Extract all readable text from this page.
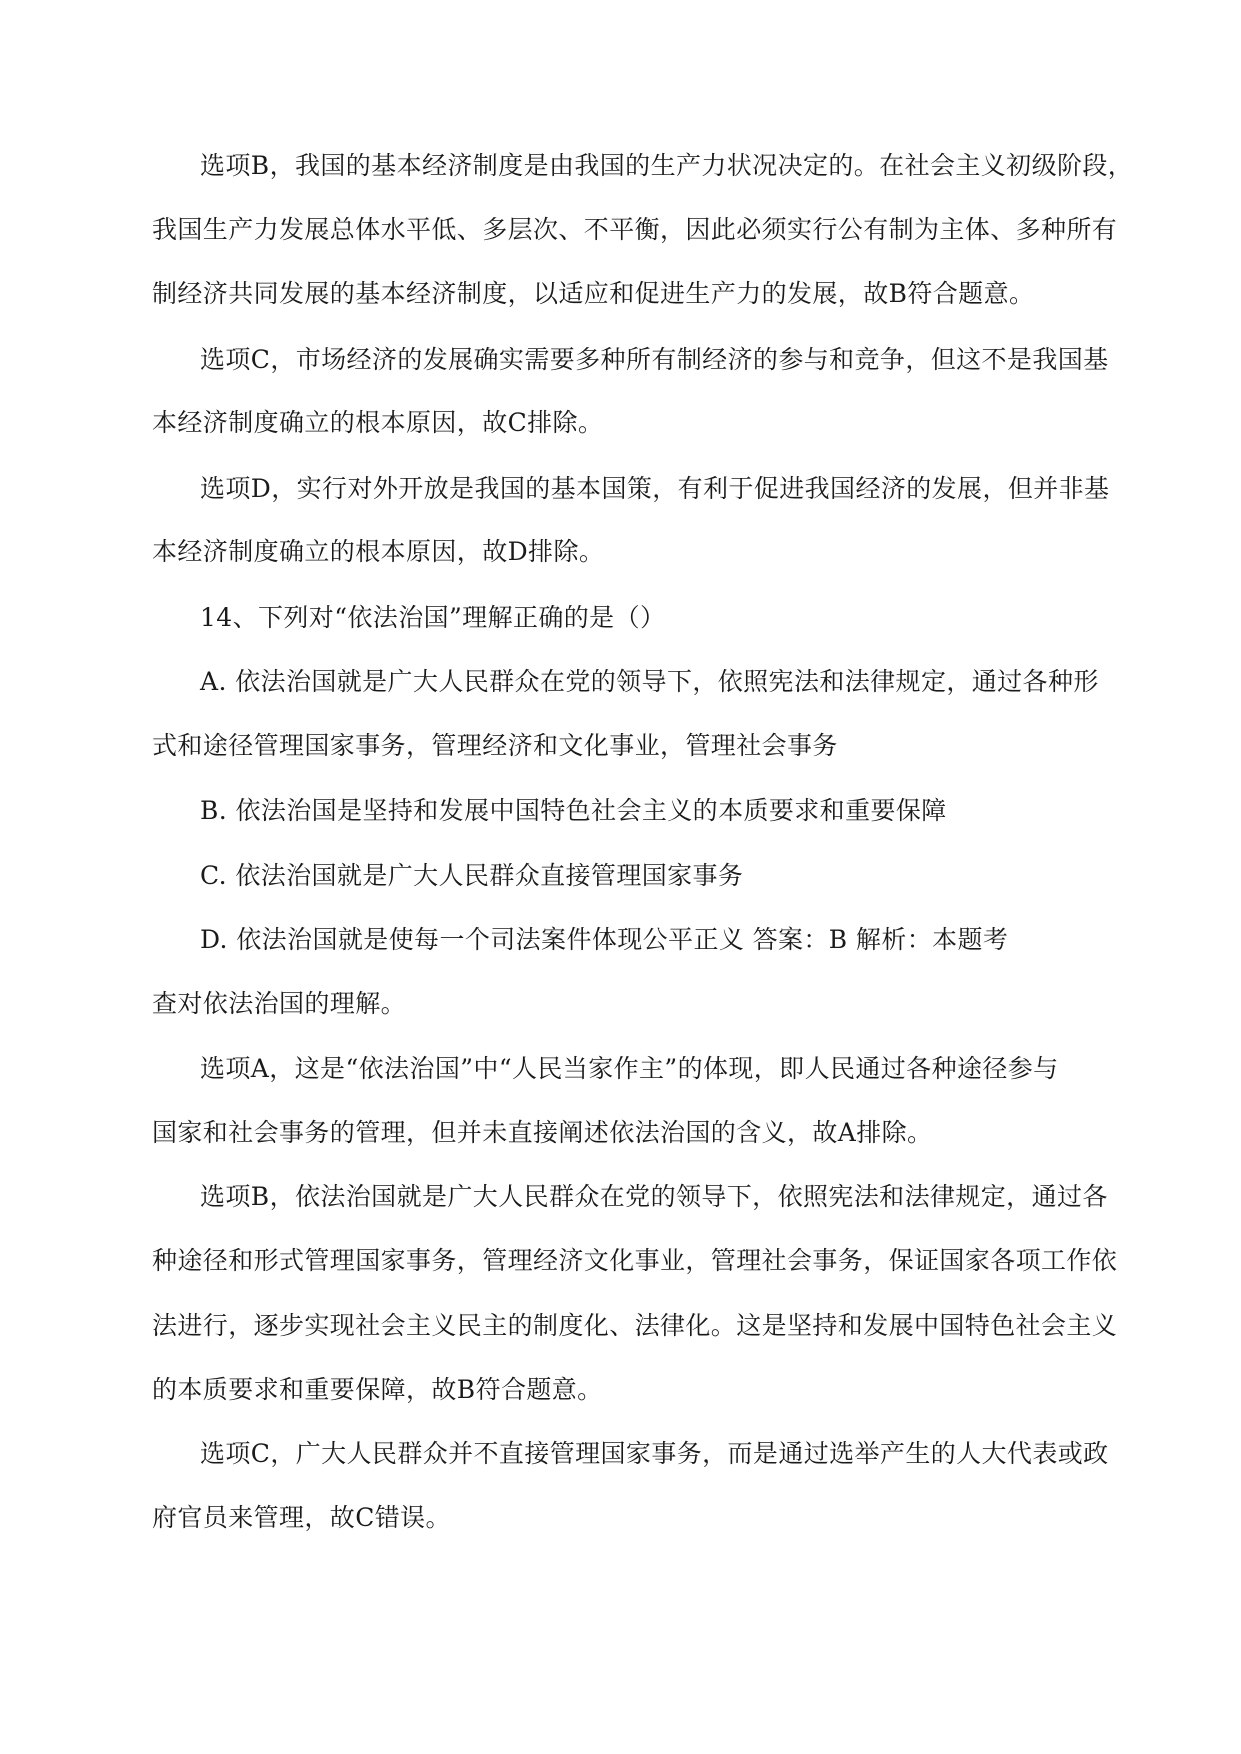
选项B，我国的基本经济制度是由我国的生产力状况决定的。在社会主义初级阶段，
我国生产力发展总体水平低、多层次、不平衡，因此必须实行公有制为主体、多种所有
制经济共同发展的基本经济制度，以适应和促进生产力的发展，故B符合题意。
选项C，市场经济的发展确实需要多种所有制经济的参与和竞争，但这不是我国基
本经济制度确立的根本原因，故C排除。
选项D，实行对外开放是我国的基本国策，有利于促进我国经济的发展，但并非基
本经济制度确立的根本原因，故D排除。
14、下列对“依法治国”理解正确的是（）
A. 依法治国就是广大人民群众在党的领导下，依照宪法和法律规定，通过各种形
式和途径管理国家事务，管理经济和文化事业，管理社会事务
B. 依法治国是坚持和发展中国特色社会主义的本质要求和重要保障
C. 依法治国就是广大人民群众直接管理国家事务
D. 依法治国就是使每一个司法案件体现公平正义 答案：B 解析：本题考
查对依法治国的理解。
选项A，这是“依法治国”中“人民当家作主”的体现，即人民通过各种途径参与
国家和社会事务的管理，但并未直接阐述依法治国的含义，故A排除。
选项B，依法治国就是广大人民群众在党的领导下，依照宪法和法律规定，通过各
种途径和形式管理国家事务，管理经济文化事业，管理社会事务，保证国家各项工作依
法进行，逐步实现社会主义民主的制度化、法律化。这是坚持和发展中国特色社会主义
的本质要求和重要保障，故B符合题意。
选项C，广大人民群众并不直接管理国家事务，而是通过选举产生的人大代表或政
府官员来管理，故C错误。
